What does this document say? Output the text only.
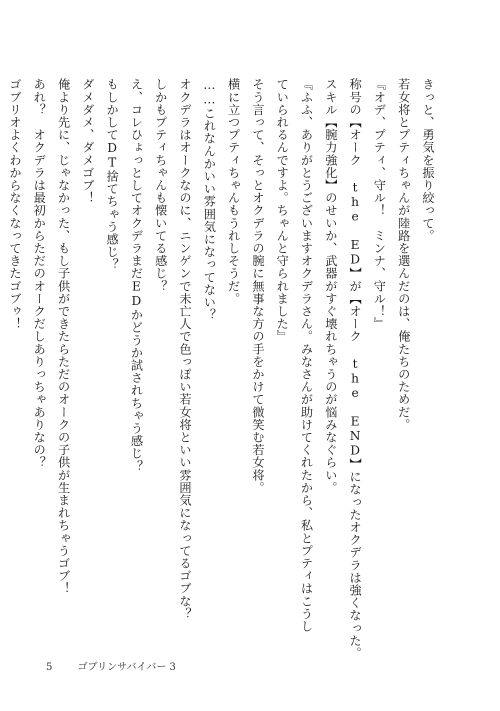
きっと、勇気を振り絞って。

若女将とプティちゃんが陸路を選んだのは、俺たちのためだ。

『オデ、プティ、守ル！　ミンナ、守ル！』

称号の【オーク the ED】が【オーク the END】になったオクデラは強くなった。

スキル【腕力強化】のせいか、武器がすぐ壊れちゃうのが悩みなぐらい。

『ふふ、ありがとうございますオクデラさん。みなさんが助けてくれたから、私とプティはこうし

ていられるんですよ。ちゃんと守られました』

そう言って、そっとオクデラの腕に無事な方の手をかけて微笑む若女将。

横に立つプティちゃんもうれしそうだ。

……これなんかいい雰囲気になってない？

オクデラはオークなのに、ニンゲンで未亡人で色っぽい若女将といい雰囲気になってるゴブな？

しかもプティちゃんも懐いてる感じ？

え、コレひょっとしてオクデラまだEDかどうか試されちゃう感じ？

もしかしてDT捨てちゃう感じ？

ダメダメ、ダメゴブ！

俺より先に、じゃなかった、もし子供ができたらただのオークの子供が生まれちゃうゴブ！

あれ？　オクデラは最初からただのオークだしありっちゃありなの？

ゴブリオよくわからなくなってきたゴブゥ！

5	ゴブリンサバイバー 3
